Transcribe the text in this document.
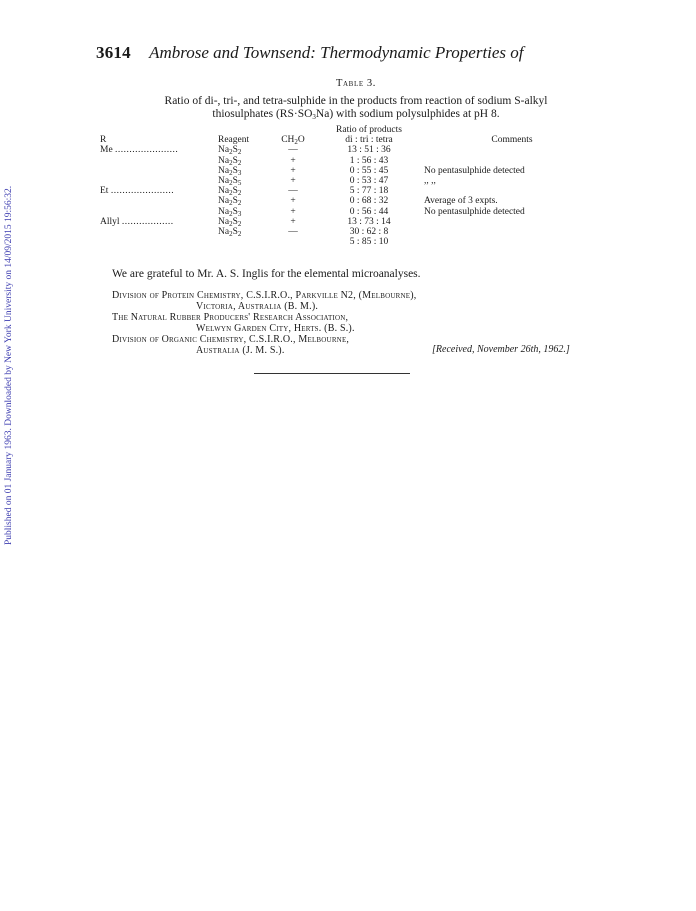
Published on 01 January 1963. Downloaded by New York University on 14/09/2015 19:56:32.
3614 Ambrose and Townsend: Thermodynamic Properties of
Table 3.
Ratio of di-, tri-, and tetra-sulphide in the products from reaction of sodium S-alkyl
thiosulphates $(RS\cdot SO_3Na)$ with sodium polysulphides at pH 8.
			Ratio of products	
R	Reagent	$CH_2O$	di : tri : tetra	Comments
Me ......................	$Na_2S_2$	—	13 : 51 : 36	
	$Na_2S_2$	+	1 : 56 : 43	
	$Na_2S_3$	+	0 : 55 : 45	No pentasulphide detected
	$Na_2S_5$	+	0 : 53 : 47	,, ,,
Et ......................	$Na_2S_2$	—	5 : 77 : 18	
	$Na_2S_2$	+	0 : 68 : 32	Average of 3 expts.
	$Na_2S_3$	+	0 : 56 : 44	No pentasulphide detected
Allyl ..................	$Na_2S_2$	+	13 : 73 : 14	
	$Na_2S_2$	—	30 : 62 : 8	
			5 : 85 : 10	
We are grateful to Mr. A. S. Inglis for the elemental microanalyses.
Division of Protein Chemistry, C.S.I.R.O., Parkville N2, (Melbourne),
Victoria, Australia (B. M.).
The Natural Rubber Producers' Research Association,
Welwyn Garden City, Herts. (B. S.).
Division of Organic Chemistry, C.S.I.R.O., Melbourne,
Australia (J. M. S.).	[Received, November 26th, 1962.]
